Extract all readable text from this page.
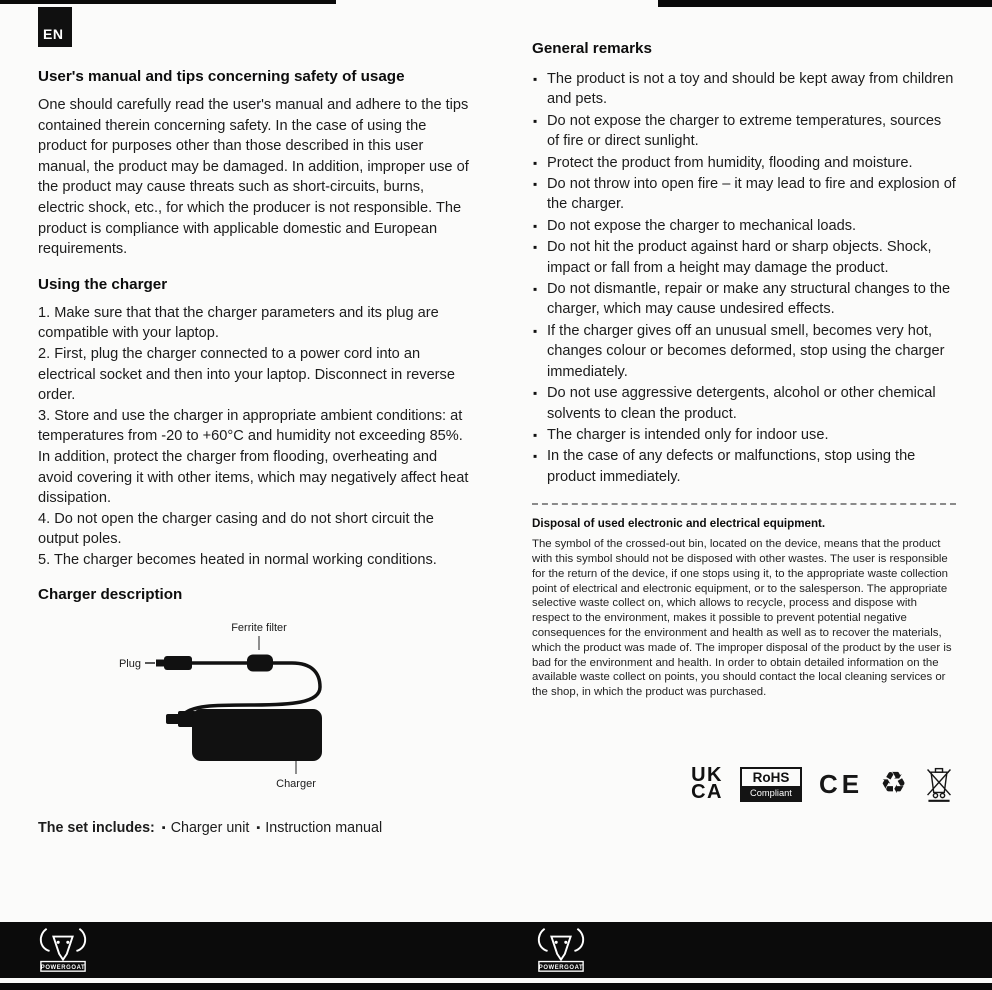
EN
User's manual and tips concerning safety of usage

One should carefully read the user's manual and adhere to the tips contained therein concerning safety. In the case of using the product for purposes other than those described in this user manual, the product may be damaged. In addition, improper use of the product may cause threats such as short-circuits, burns, electric shock, etc., for which the producer is not responsible. The product is compliance with applicable domestic and European requirements.

Using the charger

1. Make sure that that the charger parameters and its plug are compatible with your laptop.

2. First, plug the charger connected to a power cord into an electrical socket and then into your laptop. Disconnect in reverse order.

3. Store and use the charger in appropriate ambient conditions: at temperatures from -20 to +60°C and humidity not exceeding 85%. In addition, protect the charger from flooding, overheating and avoid covering it with other items, which may negatively affect heat dissipation.

4. Do not open the charger casing and do not short circuit the output poles.

5. The charger becomes heated in normal working conditions.

Charger description
Ferrite filter
Plug
Charger
The set includes: ▪ Charger unit ▪ Instruction manual
General remarks

▪ The product is not a toy and should be kept away from children and pets.

▪ Do not expose the charger to extreme temperatures, sources of fire or direct sunlight.

▪ Protect the product from humidity, flooding and moisture.

▪ Do not throw into open fire – it may lead to fire and explosion of the charger.

▪ Do not expose the charger to mechanical loads.

▪ Do not hit the product against hard or sharp objects. Shock, impact or fall from a height may damage the product.

▪ Do not dismantle, repair or make any structural changes to the charger, which may cause undesired effects.

▪ If the charger gives off an unusual smell, becomes very hot, changes colour or becomes deformed, stop using the charger immediately.

▪ Do not use aggressive detergents, alcohol or other chemical solvents to clean the product.

▪ The charger is intended only for indoor use.

▪ In the case of any defects or malfunctions, stop using the product immediately.

Disposal of used electronic and electrical equipment.

The symbol of the crossed-out bin, located on the device, means that the product with this symbol should not be disposed with other wastes. The user is responsible for the return of the device, if one stops using it, to the appropriate waste collection point of electrical and electronic equipment, or to the salesperson. The appropriate selective waste collect on, which allows to recycle, process and dispose with respect to the environment, makes it possible to prevent potential negative consequences for the environment and health as well as to recover the materials, which the product was made of. The improper disposal of the product by the user is bad for the environment and health. In order to obtain detailed information on the available waste collect on points, you should contact the local cleaning services or the shop, in which the product was purchased.

UK
CA
RoHS
Compliant	CE ♻
POWERGOAT	POWERGOAT
